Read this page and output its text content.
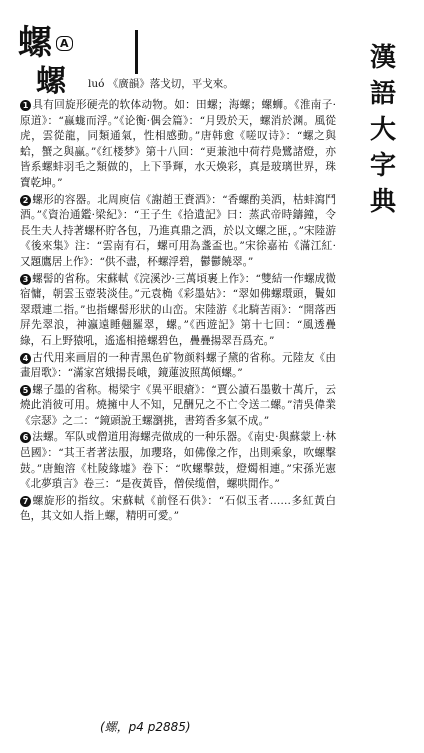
螺 A	漢
語
大
字
典
螺 luó 《廣韻》落戈切，平戈來。

1 具有回旋形硬壳的软体动物。如：田螺；海螺；螺蛳。《淮南子·原道》：“蠃蛖而浮。”《论衡·偶会篇》：“月毁於天，螺消於渊。風從虎，雲從龍，同類通氣，性相感動。”唐韩愈《嗟叹诗》：“螺之與蛤，蟹之與蠃。”《红楼梦》第十八回：“更兼池中荷荇鳧鷺諸燈，亦皆系螺蚌羽毛之類做的，上下爭輝，水天煥彩，真是玻璃世界，珠寶乾坤。”

2 螺形的容器。北周庾信《謝趙王賚酒》：“香螺酌美酒，枯蚌瀉鬥酒。”《資治通鑑·梁紀》：“王子生《拾遺記》曰：蒸武帝時鑄鐘，令長生夫人持著螺杯貯各包，乃進真鼎之酒，於以文螺之匪，。”宋陸游《後來集》注：“雲南有石，螺可用為盞盃也。”宋徐嘉祐《滿江紅·又題鷹居上作》：“供不盡，杯螺浮碧，鬱鬱饒翠。”

3 螺髻的省称。宋蘇軾《浣溪沙·三萬頃裹上作》：“雙結一作螺成微宿慵，朝雲玉壺裝淡佳。”元袁桷《彩墨姑》：“翠如佛螺環頭，鬢如翠環連二指。”也指螺髻形狀的山峦。宋陸游《北騎苦雨》：“開落西屏先翠浪，神瀛遠睡翹羅翠，螺。”《西遊記》第十七回：“風透疊綠，石上野猿吼，遙遙相捲螺碧色，疊疊揚翠吾爲充。”

4 古代用来画眉的一种青黑色矿物颜料螺子黛的省称。元陸友《由畫眉歌》：“滿家宮娥揚長峨，鏡蓮波照萬傾螺。”

5 螺子墨的省称。楊梁宇《異平眼瘡》：“賈公讀石墨數十萬斤，云燒此消彼可用。燒擁中人不知，兄酬兄之不亡令送二螺。”清吳偉業《宗瑟》之二：“鏡頭說王螺瀏挑，書筠香多氣不成。”

6 法螺。军队或僧道用海螺壳做成的一种乐器。《南史·與蘇蒙上·林邑國》：“其王者著法服，加瓔珞，如佛像之作，出則乘象，吹螺擊鼓。”唐鮑溶《杜陵緣墟》卷下：“吹螺擊鼓，燈燭相連。”宋孫光憲《北夢瑣言》卷三：“是夜黃昏，僧侯缆僧，螺哄閒作。”

7 螺旋形的指纹。宋蘇軾《前怪石供》：“石似玉者……多紅黃白色，其文如人指上螺，精明可愛。”

(螺，p4 p2885)
